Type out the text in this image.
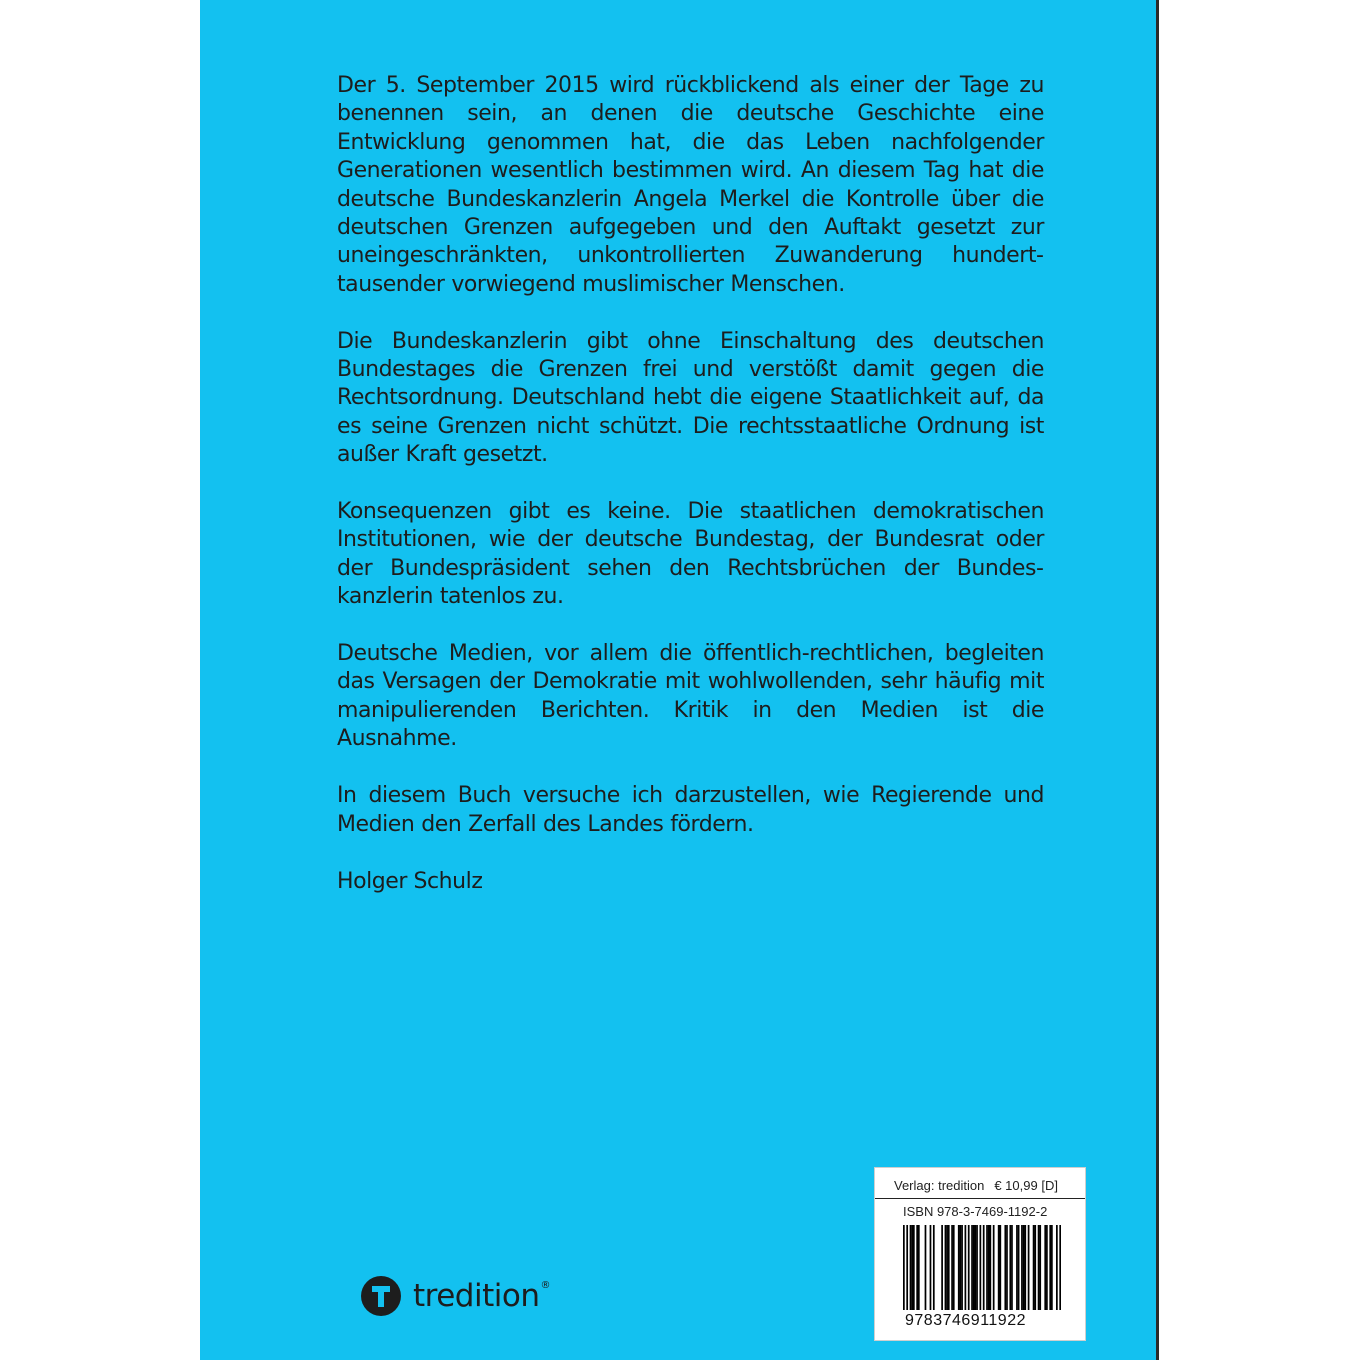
Der 5. September 2015 wird rückblickend als einer der Tage zu benennen sein, an denen die deutsche Geschichte eine Entwicklung genommen hat, die das Leben nachfolgender Generationen wesentlich bestimmen wird. An diesem Tag hat die deutsche Bundeskanzlerin Angela Merkel die Kontrolle über die deutschen Grenzen aufgegeben und den Auftakt gesetzt zur uneingeschränkten, unkontrollierten Zuwanderung hunderttausender vorwiegend muslimischer Menschen.

Die Bundeskanzlerin gibt ohne Einschaltung des deutschen Bundestages die Grenzen frei und verstößt damit gegen die Rechtsordnung. Deutschland hebt die eigene Staatlichkeit auf, da es seine Grenzen nicht schützt. Die rechtsstaatliche Ordnung ist außer Kraft gesetzt.

Konsequenzen gibt es keine. Die staatlichen demokratischen Institutionen, wie der deutsche Bundestag, der Bundesrat oder der Bundespräsident sehen den Rechtsbrüchen der Bundeskanzlerin tatenlos zu.

Deutsche Medien, vor allem die öffentlich-rechtlichen, begleiten das Versagen der Demokratie mit wohlwollenden, sehr häufig mit manipulierenden Berichten. Kritik in den Medien ist die Ausnahme.

In diesem Buch versuche ich darzustellen, wie Regierende und Medien den Zerfall des Landes fördern.

Holger Schulz
tredition ®
Verlag: tredition € 10,99 [D]
ISBN 978-3-7469-1192-2
9783746911922
